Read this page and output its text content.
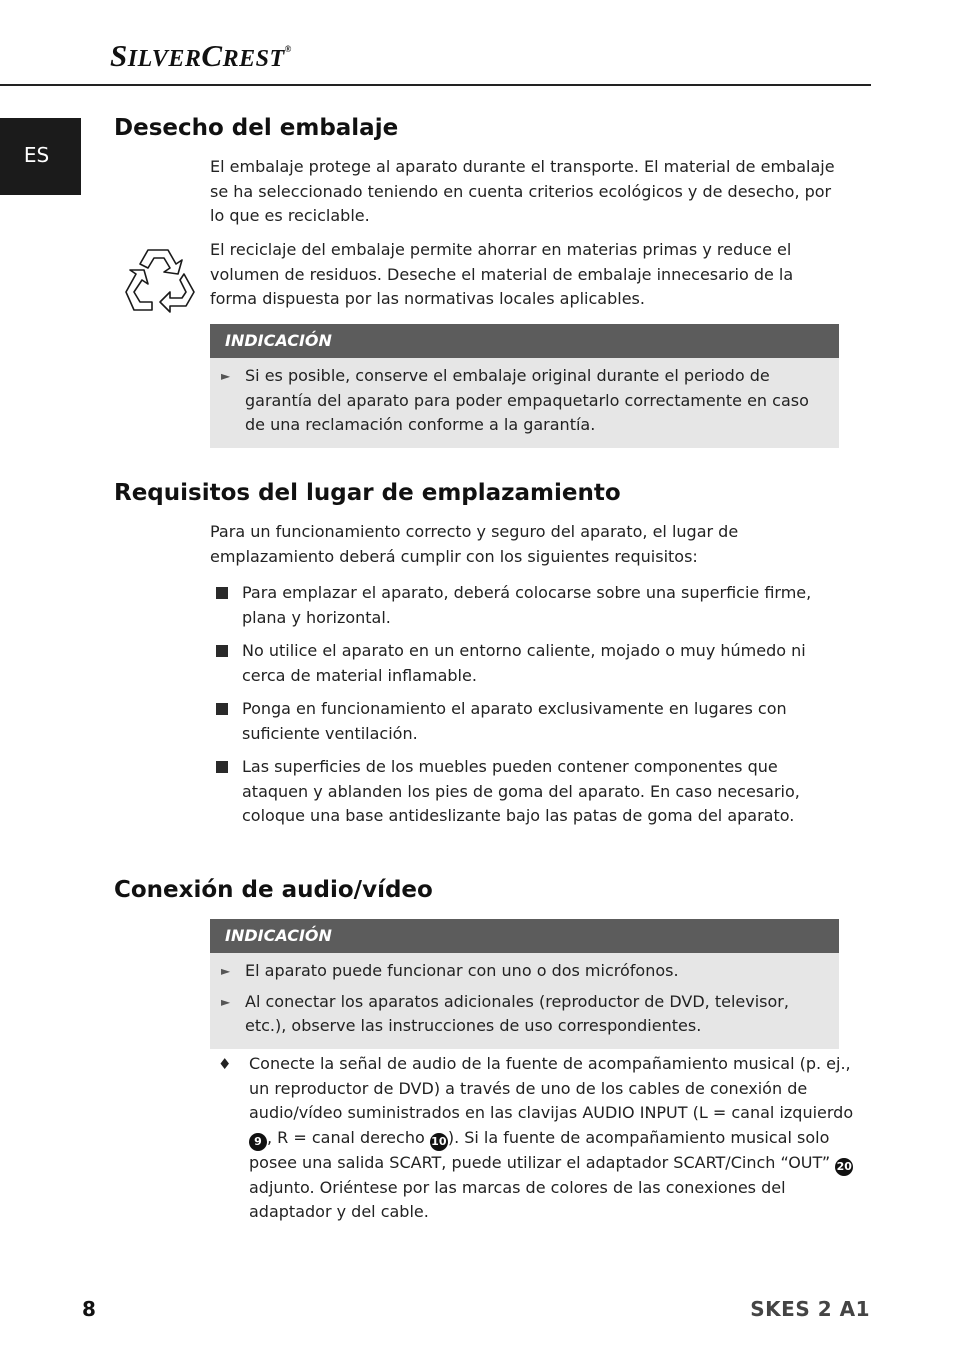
SILVERCREST®
ES
Desecho del embalaje

El embalaje protege al aparato durante el transporte. El material de embalaje se ha seleccionado teniendo en cuenta criterios ecológicos y de desecho, por lo que es reciclable.

El reciclaje del embalaje permite ahorrar en materias primas y reduce el volumen de residuos. Deseche el material de embalaje innecesario de la forma dispuesta por las normativas locales aplicables.

INDICACIÓN
► Si es posible, conserve el embalaje original durante el periodo de garantía del aparato para poder empaquetarlo correctamente en caso de una reclamación conforme a la garantía.
Requisitos del lugar de emplazamiento

Para un funcionamiento correcto y seguro del aparato, el lugar de emplazamiento deberá cumplir con los siguientes requisitos:

Para emplazar el aparato, deberá colocarse sobre una superficie firme, plana y horizontal.
No utilice el aparato en un entorno caliente, mojado o muy húmedo ni cerca de material inflamable.
Ponga en funcionamiento el aparato exclusivamente en lugares con suficiente ventilación.
Las superficies de los muebles pueden contener componentes que ataquen y ablanden los pies de goma del aparato. En caso necesario, coloque una base antideslizante bajo las patas de goma del aparato.
Conexión de audio/vídeo
INDICACIÓN
► El aparato puede funcionar con uno o dos micrófonos.
► Al conectar los aparatos adicionales (reproductor de DVD, televisor, etc.), observe las instrucciones de uso correspondientes.
♦ Conecte la señal de audio de la fuente de acompañamiento musical (p. ej., un reproductor de DVD) a través de uno de los cables de conexión de audio/vídeo suministrados en las clavijas AUDIO INPUT (L = canal izquierdo 9 , R = canal derecho 10). Si la fuente de acompañamiento musical solo posee una salida SCART, puede utilizar el adaptador SCART/Cinch “OUT” 20 adjunto. Oriéntese por las marcas de colores de las conexiones del adaptador y del cable.
8	SKES 2 A1
